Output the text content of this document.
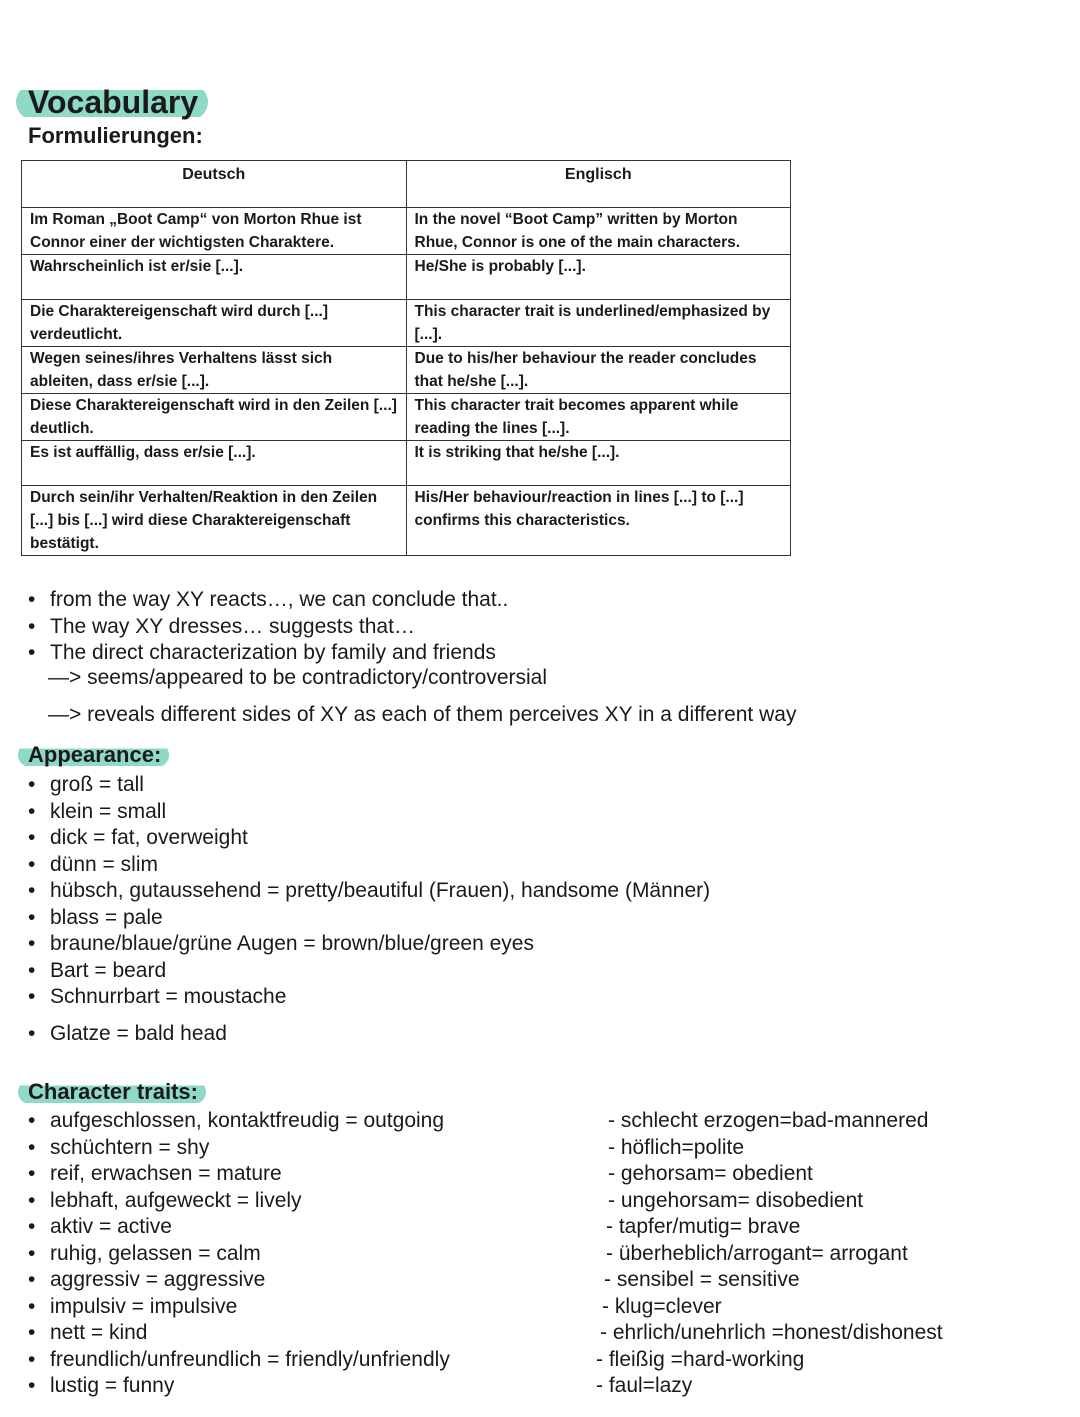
Vocabulary
Formulierungen:
Deutsch	Englisch
Im Roman „Boot Camp“ von Morton Rhue ist Connor einer der wichtigsten Charaktere.	In the novel “Boot Camp” written by Morton Rhue, Connor is one of the main characters.
Wahrscheinlich ist er/sie [...].	He/She is probably [...].
Die Charaktereigenschaft wird durch [...] verdeutlicht.	This character trait is underlined/emphasized by [...].
Wegen seines/ihres Verhaltens lässt sich ableiten, dass er/sie [...].	Due to his/her behaviour the reader concludes that he/she [...].
Diese Charaktereigenschaft wird in den Zeilen [...] deutlich.	This character trait becomes apparent while reading the lines [...].
Es ist auffällig, dass er/sie [...].	It is striking that he/she [...].
Durch sein/ihr Verhalten/Reaktion in den Zeilen [...] bis [...] wird diese Charaktereigenschaft bestätigt.	His/Her behaviour/reaction in lines [...] to [...] confirms this characteristics.
• from the way XY reacts…, we can conclude that..
• The way XY dresses… suggests that…
• The direct characterization by family and friends
—> seems/appeared to be contradictory/controversial
—> reveals different sides of XY as each of them perceives XY in a different way
Appearance:
• groß = tall
• klein = small
• dick = fat, overweight
• dünn = slim
• hübsch, gutaussehend = pretty/beautiful (Frauen), handsome (Männer)
• blass = pale
• braune/blaue/grüne Augen = brown/blue/green eyes
• Bart = beard
• Schnurrbart = moustache
• Glatze = bald head
Character traits:
• aufgeschlossen, kontaktfreudig = outgoing
• schüchtern = shy
• reif, erwachsen = mature
• lebhaft, aufgeweckt = lively
• aktiv = active
• ruhig, gelassen = calm
• aggressiv = aggressive
• impulsiv = impulsive
• nett = kind
• freundlich/unfreundlich = friendly/unfriendly
• lustig = funny
- schlecht erzogen=bad-mannered
- höflich=polite
- gehorsam= obedient
- ungehorsam= disobedient
- tapfer/mutig= brave
- überheblich/arrogant= arrogant
- sensibel = sensitive
- klug=clever
- ehrlich/unehrlich =honest/dishonest
- fleißig =hard-working
- faul=lazy
